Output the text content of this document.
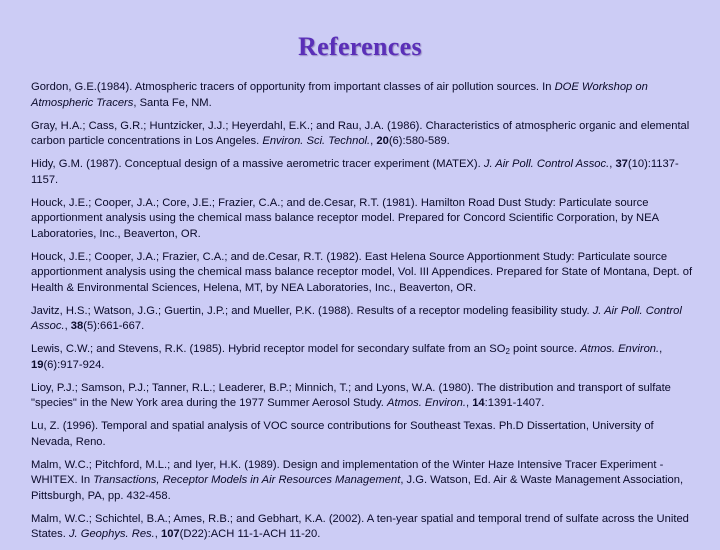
References
Gordon, G.E.(1984). Atmospheric tracers of opportunity from important classes of air pollution sources. In DOE Workshop on Atmospheric Tracers, Santa Fe, NM.
Gray, H.A.; Cass, G.R.; Huntzicker, J.J.; Heyerdahl, E.K.; and Rau, J.A. (1986). Characteristics of atmospheric organic and elemental carbon particle concentrations in Los Angeles. Environ. Sci. Technol., 20(6):580-589.
Hidy, G.M. (1987). Conceptual design of a massive aerometric tracer experiment (MATEX). J. Air Poll. Control Assoc., 37(10):1137-1157.
Houck, J.E.; Cooper, J.A.; Core, J.E.; Frazier, C.A.; and de.Cesar, R.T. (1981). Hamilton Road Dust Study: Particulate source apportionment analysis using the chemical mass balance receptor model. Prepared for Concord Scientific Corporation, by NEA Laboratories, Inc., Beaverton, OR.
Houck, J.E.; Cooper, J.A.; Frazier, C.A.; and de.Cesar, R.T. (1982). East Helena Source Apportionment Study: Particulate source apportionment analysis using the chemical mass balance receptor model, Vol. III Appendices. Prepared for State of Montana, Dept. of Health & Environmental Sciences, Helena, MT, by NEA Laboratories, Inc., Beaverton, OR.
Javitz, H.S.; Watson, J.G.; Guertin, J.P.; and Mueller, P.K. (1988). Results of a receptor modeling feasibility study. J. Air Poll. Control Assoc., 38(5):661-667.
Lewis, C.W.; and Stevens, R.K. (1985). Hybrid receptor model for secondary sulfate from an $SO_2$ point source. Atmos. Environ., 19(6):917-924.
Lioy, P.J.; Samson, P.J.; Tanner, R.L.; Leaderer, B.P.; Minnich, T.; and Lyons, W.A. (1980). The distribution and transport of sulfate "species" in the New York area during the 1977 Summer Aerosol Study. Atmos. Environ., 14:1391-1407.
Lu, Z. (1996). Temporal and spatial analysis of VOC source contributions for Southeast Texas. Ph.D Dissertation, University of Nevada, Reno.
Malm, W.C.; Pitchford, M.L.; and Iyer, H.K. (1989). Design and implementation of the Winter Haze Intensive Tracer Experiment - WHITEX. In Transactions, Receptor Models in Air Resources Management, J.G. Watson, Ed. Air & Waste Management Association, Pittsburgh, PA, pp. 432-458.
Malm, W.C.; Schichtel, B.A.; Ames, R.B.; and Gebhart, K.A. (2002). A ten-year spatial and temporal trend of sulfate across the United States. J. Geophys. Res., 107(D22):ACH 11-1-ACH 11-20.
